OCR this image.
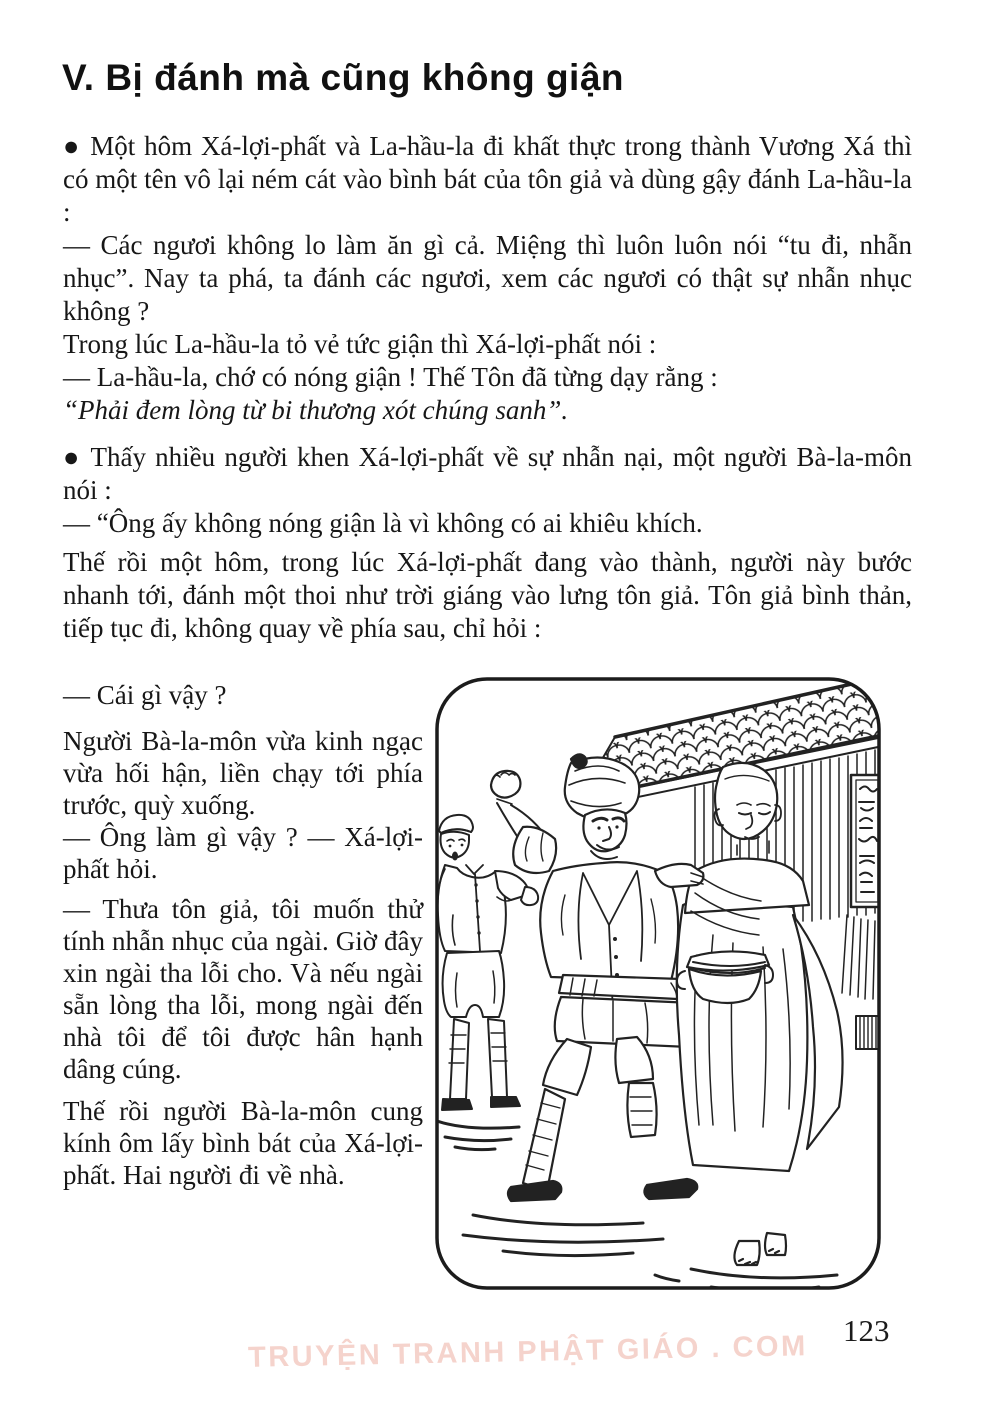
V. Bị đánh mà cũng không giận

● Một hôm Xá-lợi-phất và La-hầu-la đi khất thực trong thành Vương Xá thì có một tên vô lại ném cát vào bình bát của tôn giả và dùng gậy đánh La-hầu-la :

— Các ngươi không lo làm ăn gì cả. Miệng thì luôn luôn nói “tu đi, nhẫn nhục”. Nay ta phá, ta đánh các ngươi, xem các ngươi có thật sự nhẫn nhục không ?

Trong lúc La-hầu-la tỏ vẻ tức giận thì Xá-lợi-phất nói :

— La-hầu-la, chớ có nóng giận ! Thế Tôn đã từng dạy rằng :

“Phải đem lòng từ bi thương xót chúng sanh”.

● Thấy nhiều người khen Xá-lợi-phất về sự nhẫn nại, một người Bà-la-môn nói :

— “Ông ấy không nóng giận là vì không có ai khiêu khích.

Thế rồi một hôm, trong lúc Xá-lợi-phất đang vào thành, người này bước nhanh tới, đánh một thoi như trời giáng vào lưng tôn giả. Tôn giả bình thản, tiếp tục đi, không quay về phía sau, chỉ hỏi :

— Cái gì vậy ?

Người Bà-la-môn vừa kinh ngạc vừa hối hận, liền chạy tới phía trước, quỳ xuống.

— Ông làm gì vậy ? — Xá-lợi-phất hỏi.

— Thưa tôn giả, tôi muốn thử tính nhẫn nhục của ngài. Giờ đây xin ngài tha lỗi cho. Và nếu ngài sẵn lòng tha lỗi, mong ngài đến nhà tôi để tôi được hân hạnh dâng cúng.

Thế rồi người Bà-la-môn cung kính ôm lấy bình bát của Xá-lợi-phất. Hai người đi về nhà.

TRUYỆN TRANH PHẬT GIÁO . COM 123
